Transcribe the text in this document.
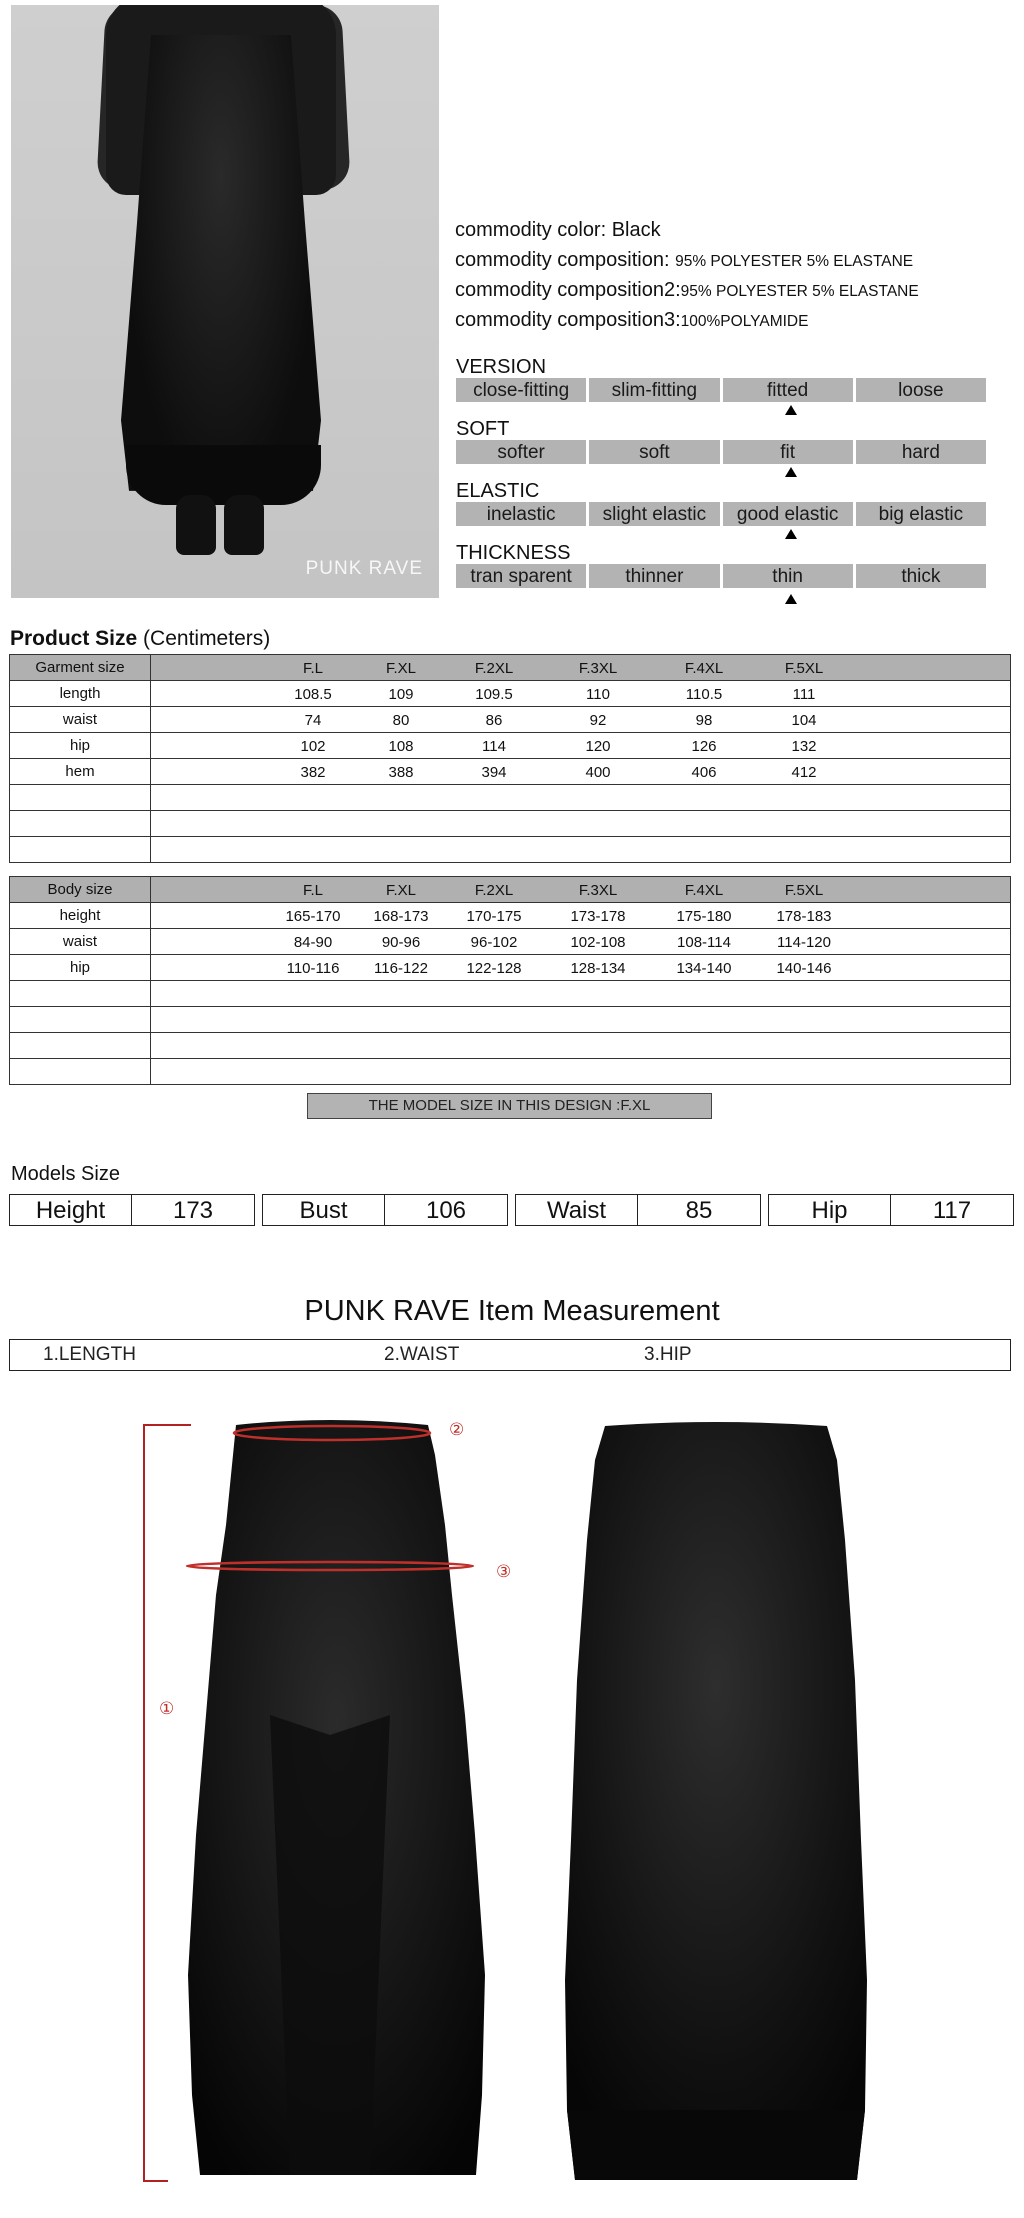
PUNK RAVE
commodity color: Black
commodity composition: 95% POLYESTER 5% ELASTANE
commodity composition2:95% POLYESTER 5% ELASTANE
commodity composition3:100%POLYAMIDE
VERSION
close-fitting	slim-fitting	fitted	loose
SOFT
softer	soft	fit	hard
ELASTIC
inelastic	slight elastic	good elastic	big elastic
THICKNESS
tran sparent	thinner	thin	thick
Product Size (Centimeters)
Garment size	F.L	F.XL	F.2XL	F.3XL	F.4XL	F.5XL

length	108.5	109	109.5	110	110.5	111

waist	74	80	86	92	98	104

hip	102	108	114	120	126	132

hem	382	388	394	400	406	412

Body size	F.L	F.XL	F.2XL	F.3XL	F.4XL	F.5XL

height	165-170 168-173	170-175	173-178	175-180	178-183

waist	84-90	90-96	96-102	102-108	108-114	114-120

hip	110-116 116-122	122-128	128-134	134-140	140-146

THE MODEL SIZE IN THIS DESIGN :F.XL
Models Size
Height	173	Bust	106	Waist	85	Hip	117
PUNK RAVE Item Measurement
1.LENGTH	2.WAIST	3.HIP
①
②
③
